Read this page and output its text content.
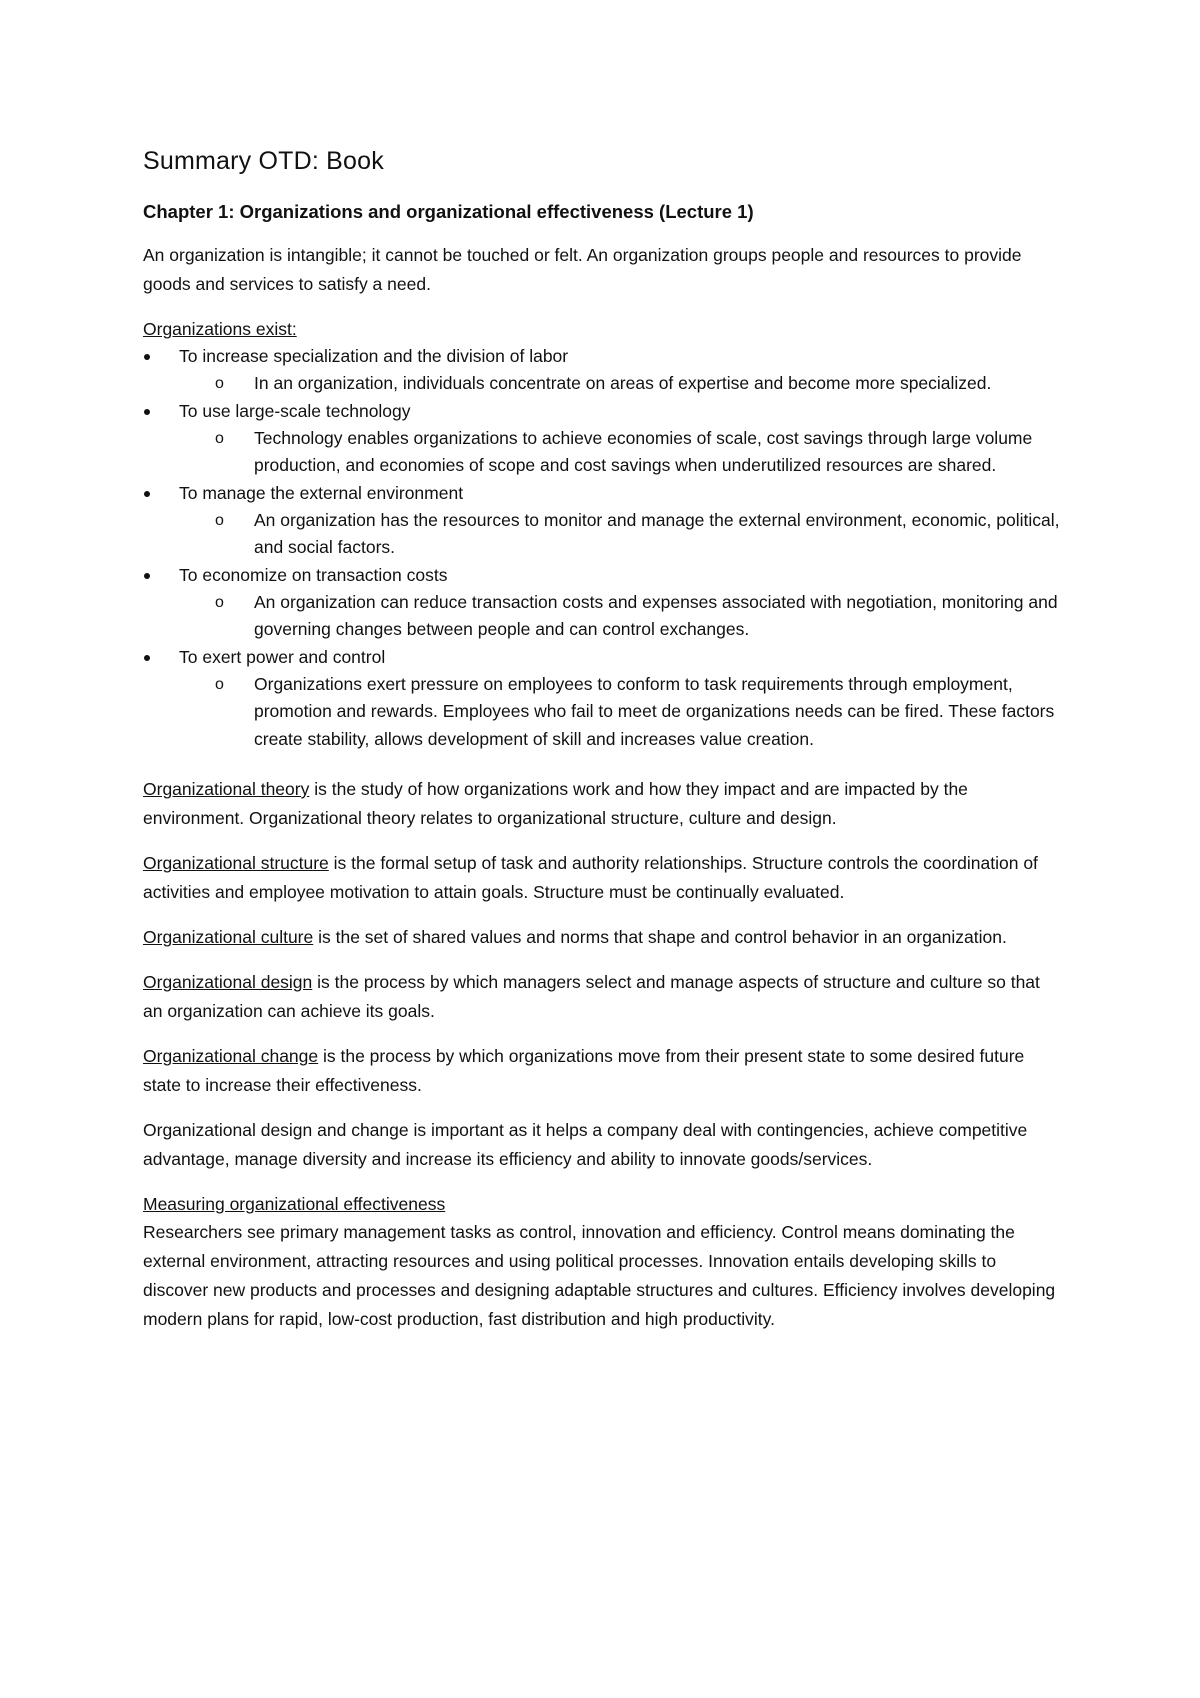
Summary OTD: Book
Chapter 1: Organizations and organizational effectiveness (Lecture 1)

An organization is intangible; it cannot be touched or felt. An organization groups people and resources to provide goods and services to satisfy a need.

Organizations exist:
To increase specialization and the division of labor
o In an organization, individuals concentrate on areas of expertise and become more specialized.
To use large-scale technology
o Technology enables organizations to achieve economies of scale, cost savings through large volume production, and economies of scope and cost savings when underutilized resources are shared.
To manage the external environment
o An organization has the resources to monitor and manage the external environment, economic, political, and social factors.
To economize on transaction costs
o An organization can reduce transaction costs and expenses associated with negotiation, monitoring and governing changes between people and can control exchanges.
To exert power and control
o Organizations exert pressure on employees to conform to task requirements through employment, promotion and rewards. Employees who fail to meet de organizations needs can be fired. These factors create stability, allows development of skill and increases value creation.

Organizational theory is the study of how organizations work and how they impact and are impacted by the environment. Organizational theory relates to organizational structure, culture and design.

Organizational structure is the formal setup of task and authority relationships. Structure controls the coordination of activities and employee motivation to attain goals. Structure must be continually evaluated.

Organizational culture is the set of shared values and norms that shape and control behavior in an organization.

Organizational design is the process by which managers select and manage aspects of structure and culture so that an organization can achieve its goals.

Organizational change is the process by which organizations move from their present state to some desired future state to increase their effectiveness.

Organizational design and change is important as it helps a company deal with contingencies, achieve competitive advantage, manage diversity and increase its efficiency and ability to innovate goods/services.

Measuring organizational effectiveness

Researchers see primary management tasks as control, innovation and efficiency. Control means dominating the external environment, attracting resources and using political processes. Innovation entails developing skills to discover new products and processes and designing adaptable structures and cultures. Efficiency involves developing modern plans for rapid, low-cost production, fast distribution and high productivity.
